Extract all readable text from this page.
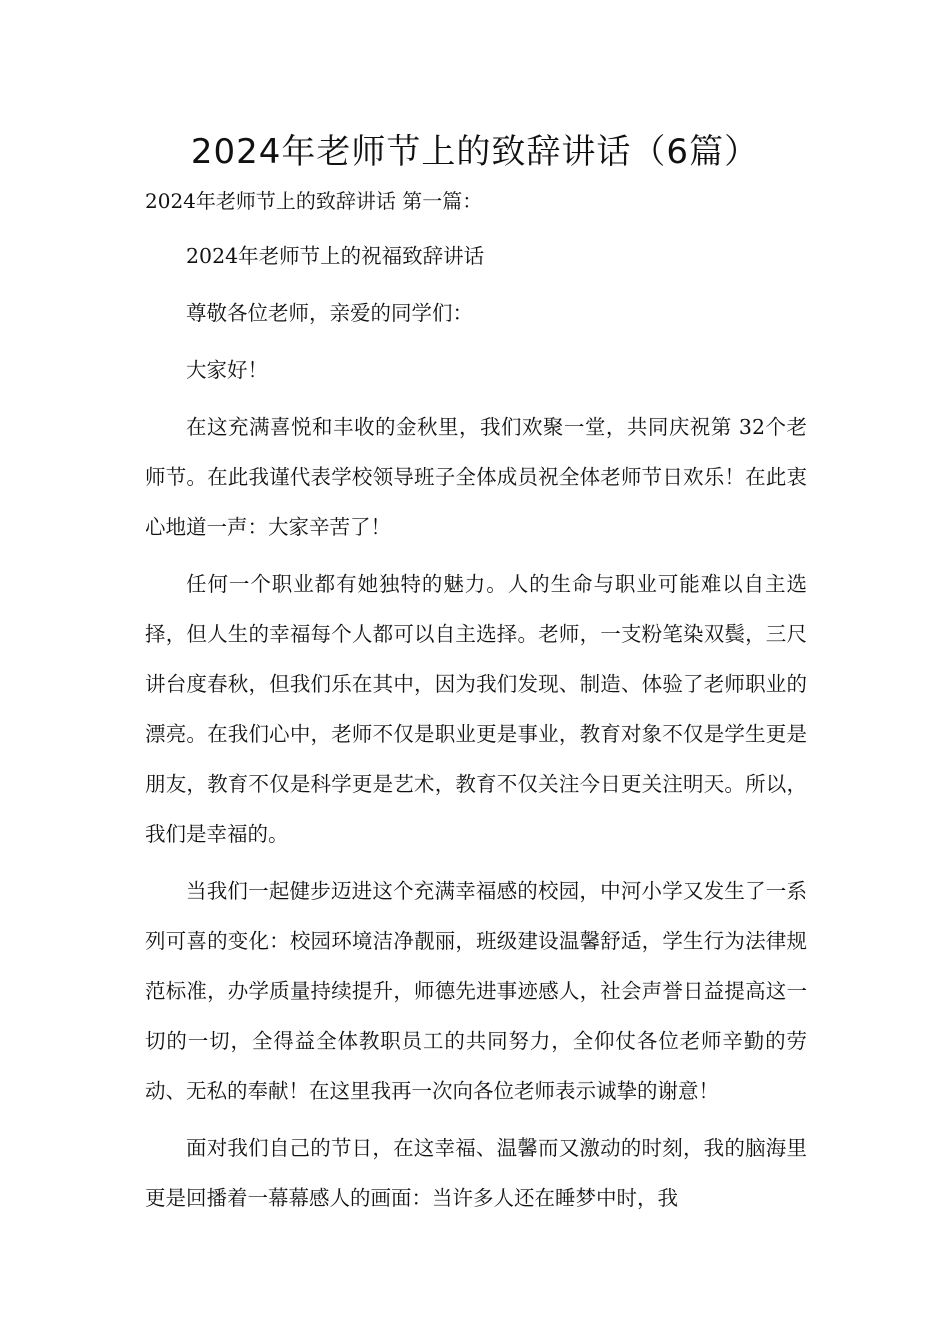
2024年老师节上的致辞讲话（6篇）
2024年老师节上的致辞讲话 第一篇：

2024年老师节上的祝福致辞讲话

尊敬各位老师，亲爱的同学们：

大家好！

在这充满喜悦和丰收的金秋里，我们欢聚一堂，共同庆祝第 32个老师节。在此我谨代表学校领导班子全体成员祝全体老师节日欢乐！在此衷心地道一声：大家辛苦了！

任何一个职业都有她独特的魅力。人的生命与职业可能难以自主选择，但人生的幸福每个人都可以自主选择。老师，一支粉笔染双鬓，三尺讲台度春秋，但我们乐在其中，因为我们发现、制造、体验了老师职业的漂亮。在我们心中，老师不仅是职业更是事业，教育对象不仅是学生更是朋友，教育不仅是科学更是艺术，教育不仅关注今日更关注明天。所以，我们是幸福的。

当我们一起健步迈进这个充满幸福感的校园，中河小学又发生了一系列可喜的变化：校园环境洁净靓丽，班级建设温馨舒适，学生行为法律规范标准，办学质量持续提升，师德先进事迹感人，社会声誉日益提高这一切的一切，全得益全体教职员工的共同努力，全仰仗各位老师辛勤的劳动、无私的奉献！在这里我再一次向各位老师表示诚挚的谢意！

面对我们自己的节日，在这幸福、温馨而又激动的时刻，我的脑海里更是回播着一幕幕感人的画面：当许多人还在睡梦中时，我
